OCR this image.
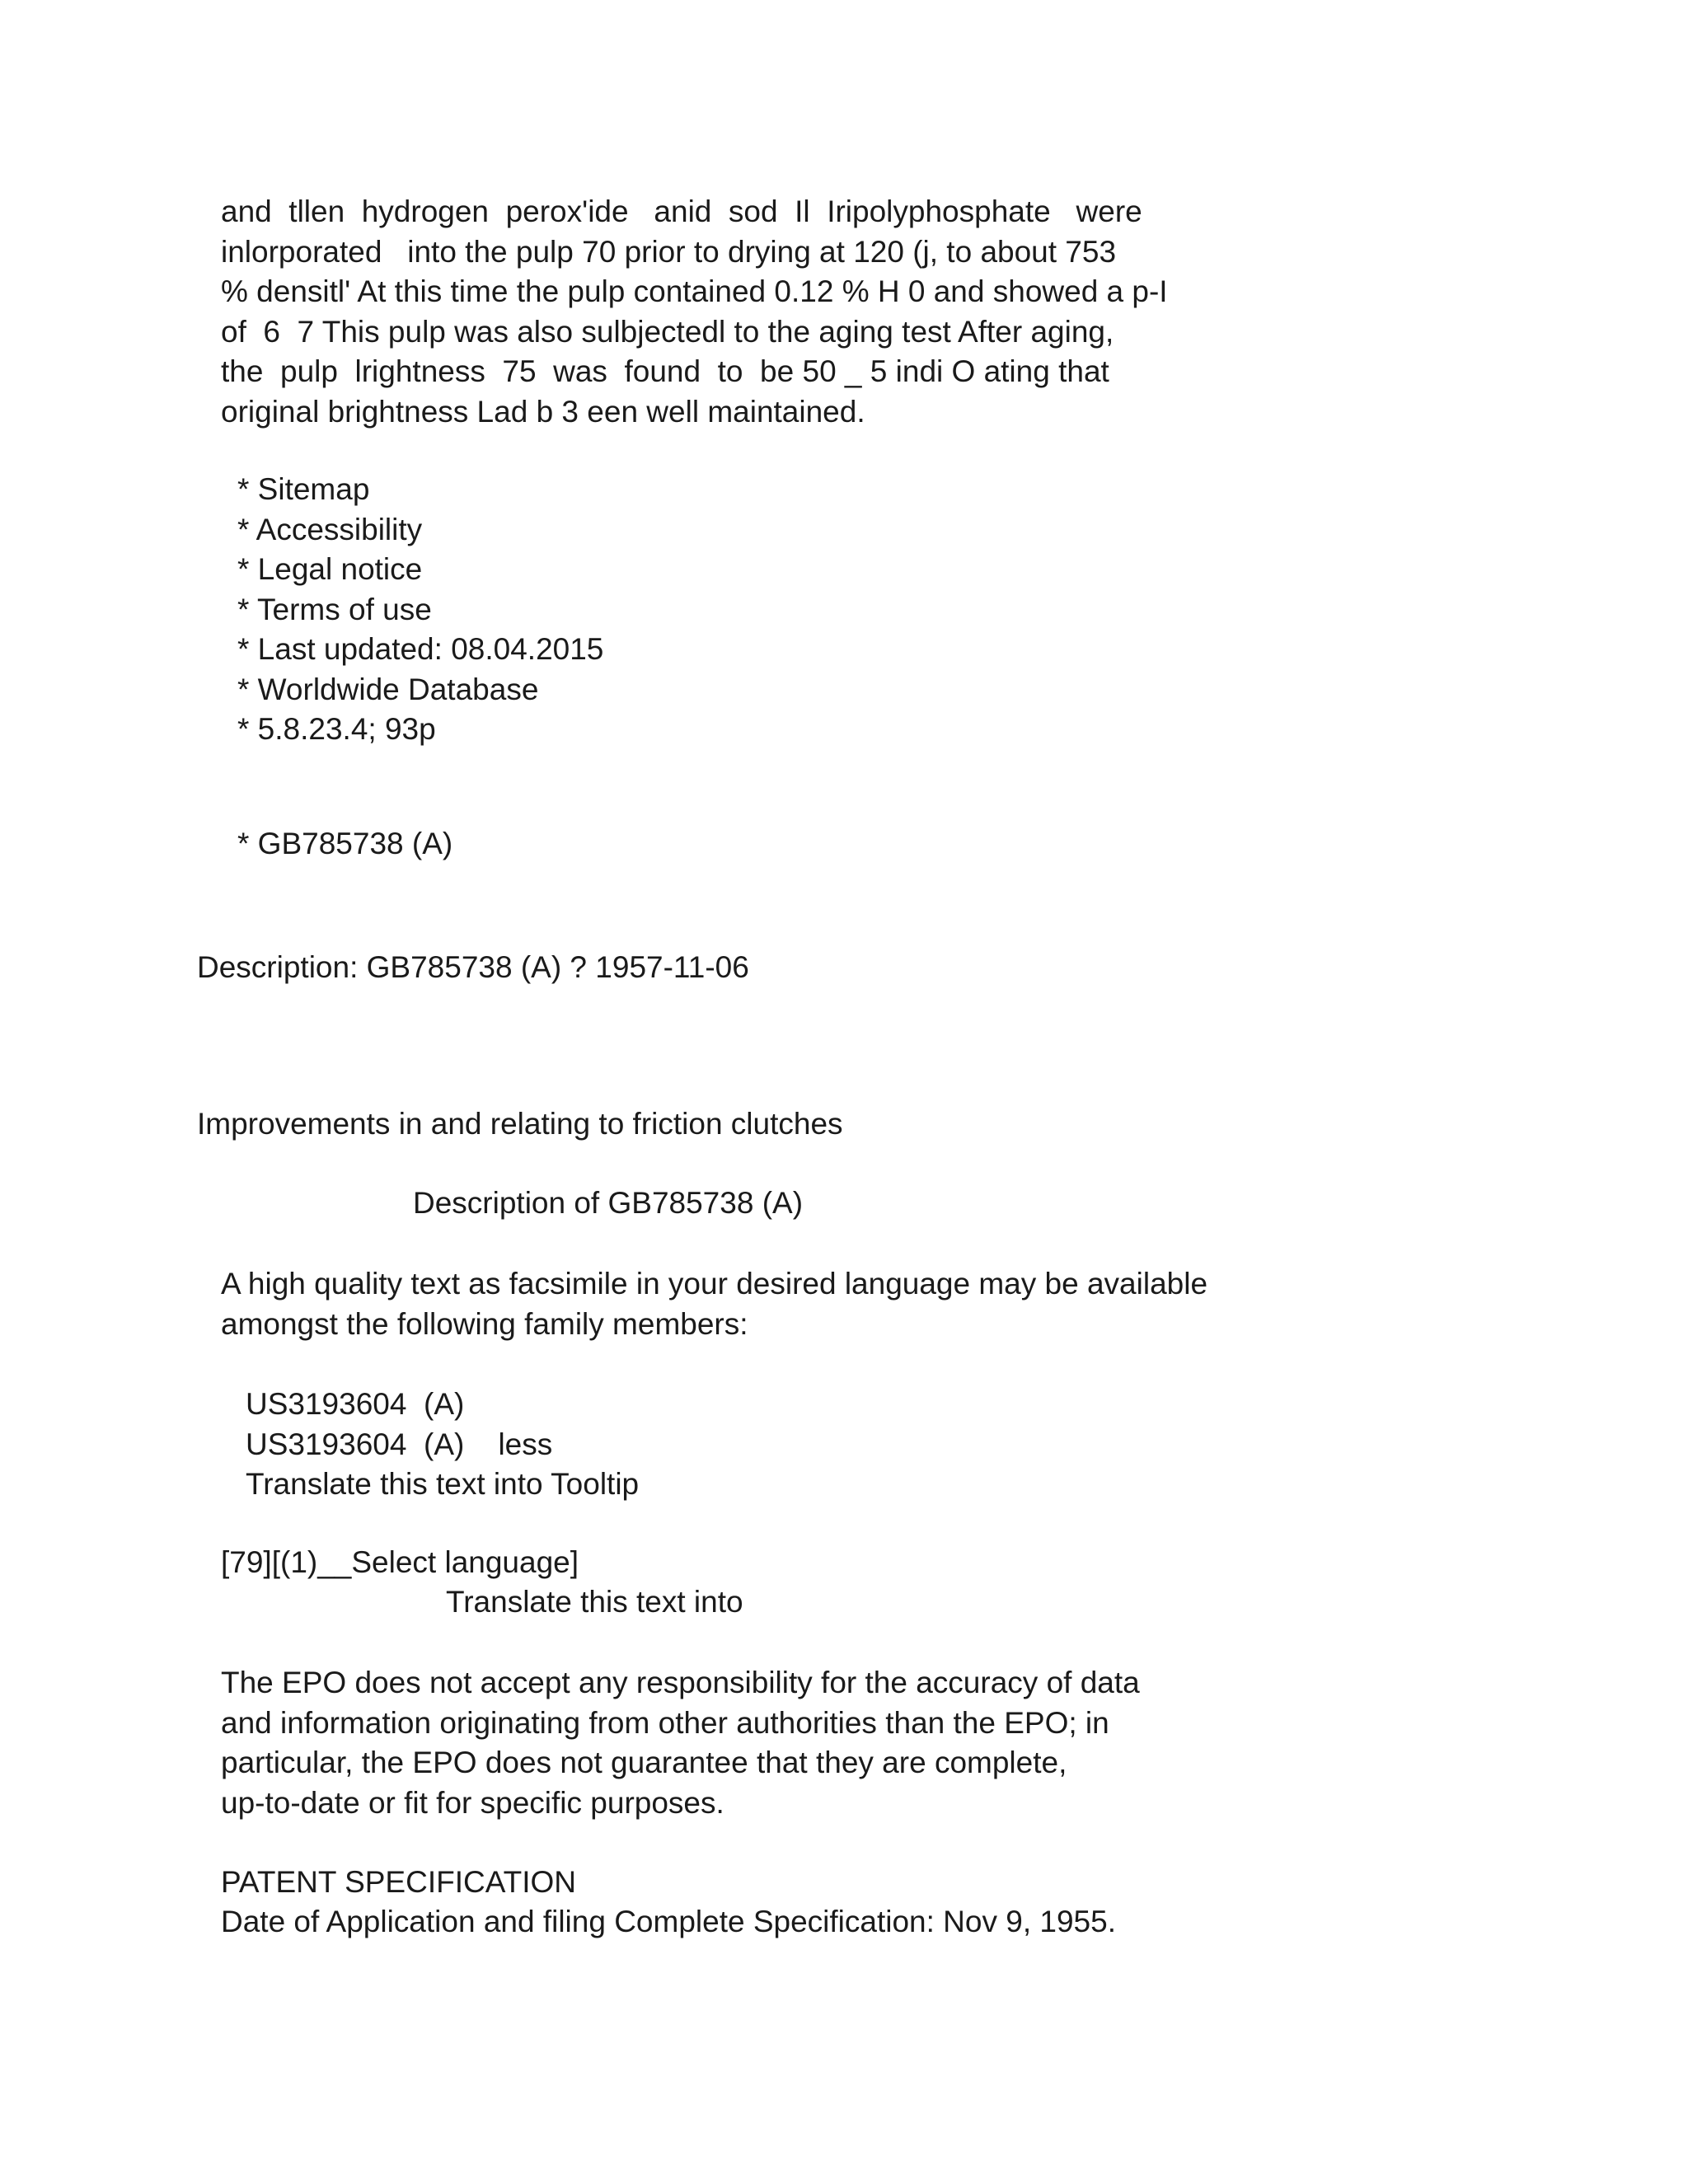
and  tllen  hydrogen  perox'ide   anid  sod  Il  Iripolyphosphate   were
inlorporated   into the pulp 70 prior to drying at 120 (j, to about 753
% densitl' At this time the pulp contained 0.12 % H 0 and showed a p-I
of  6  7 This pulp was also sulbjectedl to the aging test After aging,
the  pulp  lrightness  75  was  found  to  be 50 _ 5 indi O ating that
original brightness Lad b 3 een well maintained.
* Sitemap
* Accessibility
* Legal notice
* Terms of use
* Last updated: 08.04.2015
* Worldwide Database
* 5.8.23.4; 93p
* GB785738 (A)
Description: GB785738 (A) ? 1957-11-06
Improvements in and relating to friction clutches
Description of GB785738 (A)
A high quality text as facsimile in your desired language may be available
amongst the following family members:
US3193604  (A)
US3193604  (A)    less
Translate this text into Tooltip
[79][(1)__Select language]
Translate this text into
The EPO does not accept any responsibility for the accuracy of data
and information originating from other authorities than the EPO; in
particular, the EPO does not guarantee that they are complete,
up-to-date or fit for specific purposes.
PATENT SPECIFICATION
Date of Application and filing Complete Specification: Nov 9, 1955.
